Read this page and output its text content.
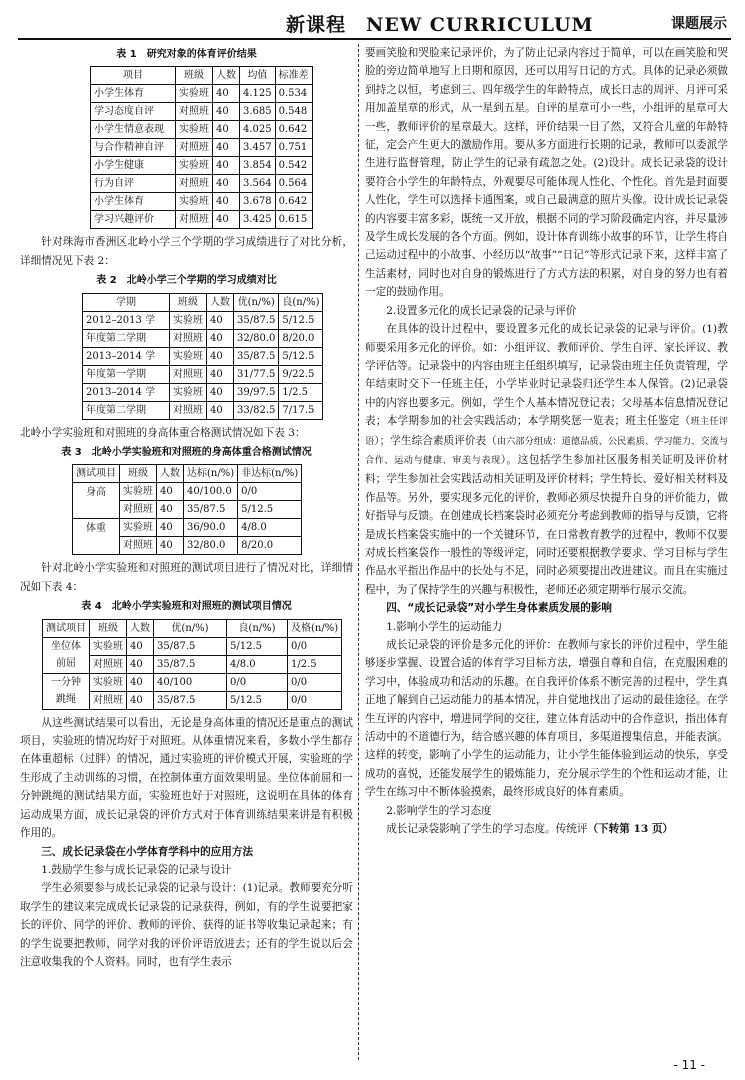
新课程　NEW CURRICULUM	课题展示
表 1　研究对象的体育评价结果
项目	班级	人数	均值	标准差
小学生体育	实验班	40	4.125	0.534
学习态度自评	对照班	40	3.685	0.548
小学生情意表现	实验班	40	4.025	0.642
与合作精神自评	对照班	40	3.457	0.751
小学生健康	实验班	40	3.854	0.542
行为自评	对照班	40	3.564	0.564
小学生体育	实验班	40	3.678	0.642
学习兴趣评价	对照班	40	3.425	0.615

针对珠海市香洲区北岭小学三个学期的学习成绩进行了对比分析，详细情况见下表 2：

表 2　北岭小学三个学期的学习成绩对比
学期	班级	人数	优(n/%)	良(n/%)
2012–2013 学	实验班	40	35/87.5	5/12.5
年度第二学期	对照班	40	32/80.0	8/20.0
2013–2014 学	实验班	40	35/87.5	5/12.5
年度第一学期	对照班	40	31/77.5	9/22.5
2013–2014 学	实验班	40	39/97.5	1/2.5
年度第二学期	对照班	40	33/82.5	7/17.5

北岭小学实验班和对照班的身高体重合格测试情况如下表 3：

表 3　北岭小学实验班和对照班的身高体重合格测试情况
测试项目	班级	人数	达标(n/%)	非达标(n/%)
身高	实验班	40	40/100.0	0/0
	对照班	40	35/87.5	5/12.5
体重	实验班	40	36/90.0	4/8.0
	对照班	40	32/80.0	8/20.0

针对北岭小学实验班和对照班的测试项目进行了情况对比，详细情况如下表 4：

表 4　北岭小学实验班和对照班的测试项目情况
测试项目	班级	人数	优(n/%)	良(n/%)	及格(n/%)
坐位体	实验班	40	35/87.5	5/12.5	0/0
前屈	对照班	40	35/87.5	4/8.0	1/2.5
一分钟	实验班	40	40/100	0/0	0/0
跳绳	对照班	40	35/87.5	5/12.5	0/0

从这些测试结果可以看出，无论是身高体重的情况还是重点的测试项目，实验班的情况均好于对照班。从体重情况来看，多数小学生都存在体重超标（过胖）的情况，通过实验班的评价模式开展，实验班的学生形成了主动训练的习惯，在控制体重方面效果明显。坐位体前屈和一分钟跳绳的测试结果方面，实验班也好于对照班，这说明在具体的体育运动成果方面，成长记录袋的评价方式对于体育训练结果来讲是有积极作用的。

三、成长记录袋在小学体育学科中的应用方法

1.鼓励学生参与成长记录袋的记录与设计

学生必须要参与成长记录袋的记录与设计：(1)记录。教师要充分听取学生的建议来完成成长记录袋的记录获得，例如，有的学生说要把家长的评价、同学的评价、教师的评价、获得的证书等收集记录起来；有的学生说要把教师、同学对我的评价评语放进去；还有的学生说以后会注意收集我的个人资料。同时，也有学生表示

要画笑脸和哭脸来记录评价，为了防止记录内容过于简单，可以在画笑脸和哭脸的旁边简单地写上日期和原因，还可以用写日记的方式。具体的记录必须做到持之以恒，考虑到三、四年级学生的年龄特点，成长日志的周评、月评可采用加盖星章的形式，从一星到五星。自评的星章可小一些，小组评的星章可大一些，教师评价的星章最大。这样，评价结果一目了然，又符合儿童的年龄特征，定会产生更大的激励作用。要从多方面进行长期的记录，教师可以委派学生进行监督管理，防止学生的记录有疏忽之处。(2)设计。成长记录袋的设计要符合小学生的年龄特点，外观要尽可能体现人性化、个性化。首先是封面要人性化，学生可以选择卡通图案，或自己最满意的照片头像。设计成长记录袋的内容要丰富多彩，既统一又开放，根据不同的学习阶段确定内容，并尽量涉及学生成长发展的各个方面。例如，设计体育训练小故事的环节，让学生将自己运动过程中的小故事、小经历以“故事”“日记”等形式记录下来，这样丰富了生活素材，同时也对自身的锻炼进行了方式方法的积累，对自身的努力也有着一定的鼓励作用。

2.设置多元化的成长记录袋的记录与评价

在具体的设计过程中，要设置多元化的成长记录袋的记录与评价。(1)教师要采用多元化的评价。如：小组评议、教师评价、学生自评、家长评议、教学评估等。记录袋中的内容由班主任组织填写，记录袋由班主任负责管理，学年结束时交下一任班主任，小学毕业时记录袋归还学生本人保管。(2)记录袋中的内容也要多元。例如，学生个人基本情况登记表；父母基本信息情况登记表；本学期参加的社会实践活动；本学期奖惩一览表；班主任鉴定（班主任评语）；学生综合素质评价表（由六部分组成：道德品质、公民素质、学习能力、交流与合作、运动与健康、审美与表现）。这包括学生参加社区服务相关证明及评价材料；学生参加社会实践活动相关证明及评价材料；学生特长、爱好相关材料及作品等。另外，要实现多元化的评价，教师必须尽快提升自身的评价能力，做好指导与反馈。在创建成长档案袋时必须充分考虑到教师的指导与反馈，它将是成长档案袋实施中的一个关键环节，在日常教育教学的过程中，教师不仅要对成长档案袋作一般性的等级评定，同时还要根据教学要求、学习目标与学生作品水平指出作品中的长处与不足，同时必须要提出改进建议。而且在实施过程中，为了保持学生的兴趣与积极性，老师还必须定期举行展示交流。

四、“成长记录袋”对小学生身体素质发展的影响

1.影响小学生的运动能力

成长记录袋的评价是多元化的评价：在教师与家长的评价过程中，学生能够逐步掌握、设置合适的体育学习目标方法，增强自尊和自信，在克服困难的学习中，体验成功和活动的乐趣。在自我评价体系不断完善的过程中，学生真正地了解到自己运动能力的基本情况，并自觉地找出了运动的最佳途径。在学生互评的内容中，增进同学间的交往，建立体育活动中的合作意识，指出体育活动中的不道德行为，结合感兴趣的体育项目，多渠道搜集信息，并能表演。这样的转变，影响了小学生的运动能力，让小学生能体验到运动的快乐，享受成功的喜悦，还能发展学生的锻炼能力，充分展示学生的个性和运动才能，让学生在练习中不断体验摸索，最终形成良好的体育素质。

2.影响学生的学习态度

成长记录袋影响了学生的学习态度。传统评（下转第 13 页）

- 11 -
